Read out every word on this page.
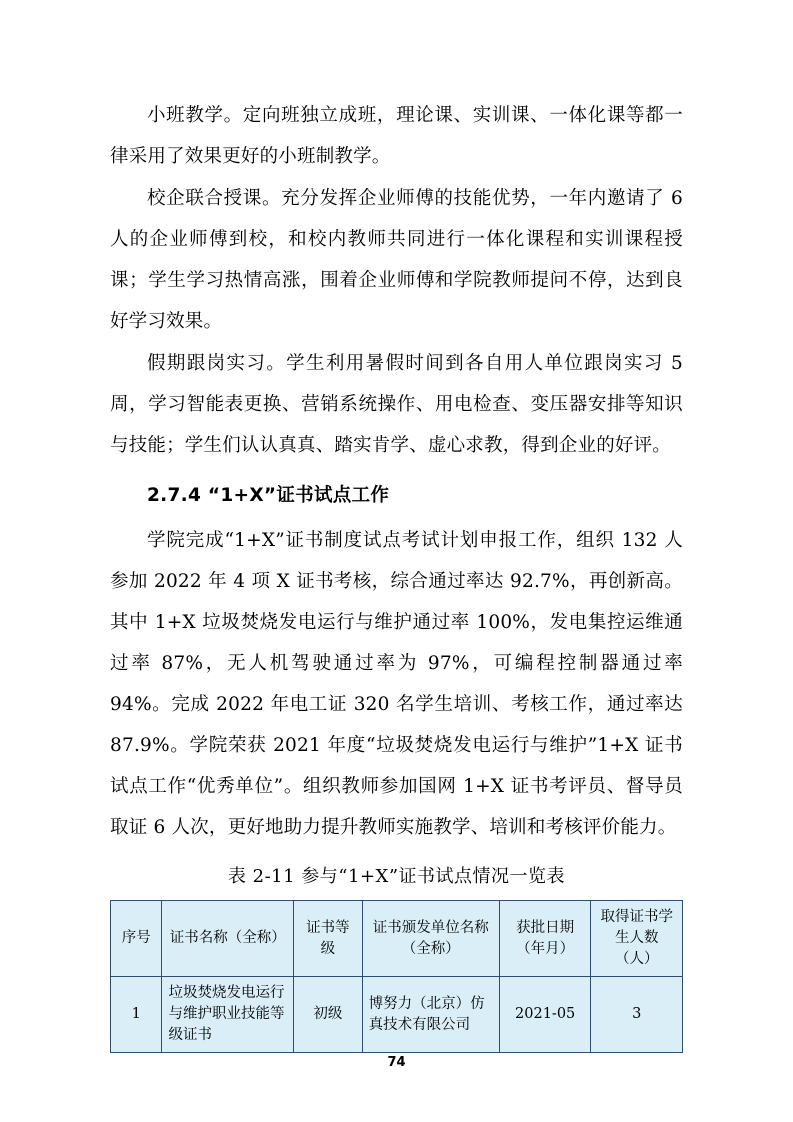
小班教学。定向班独立成班，理论课、实训课、一体化课等都一律采用了效果更好的小班制教学。

校企联合授课。充分发挥企业师傅的技能优势，一年内邀请了 6 人的企业师傅到校，和校内教师共同进行一体化课程和实训课程授课；学生学习热情高涨，围着企业师傅和学院教师提问不停，达到良好学习效果。

假期跟岗实习。学生利用暑假时间到各自用人单位跟岗实习 5 周，学习智能表更换、营销系统操作、用电检查、变压器安排等知识与技能；学生们认认真真、踏实肯学、虚心求教，得到企业的好评。

2.7.4 “1+X”证书试点工作

学院完成“1+X”证书制度试点考试计划申报工作，组织 132 人参加 2022 年 4 项 X 证书考核，综合通过率达 92.7%，再创新高。其中 1+X 垃圾焚烧发电运行与维护通过率 100%，发电集控运维通过率 87%，无人机驾驶通过率为 97%，可编程控制器通过率 94%。完成 2022 年电工证 320 名学生培训、考核工作，通过率达 87.9%。学院荣获 2021 年度“垃圾焚烧发电运行与维护”1+X 证书试点工作“优秀单位”。组织教师参加国网 1+X 证书考评员、督导员取证 6 人次，更好地助力提升教师实施教学、培训和考核评价能力。

表 2-11 参与“1+X”证书试点情况一览表
序号	证书名称（全称）	证书等级	证书颁发单位名称（全称）	获批日期（年月）	取得证书学生人数（人）
1	垃圾焚烧发电运行与维护职业技能等级证书	初级	博努力（北京）仿真技术有限公司	2021-05	3
74
